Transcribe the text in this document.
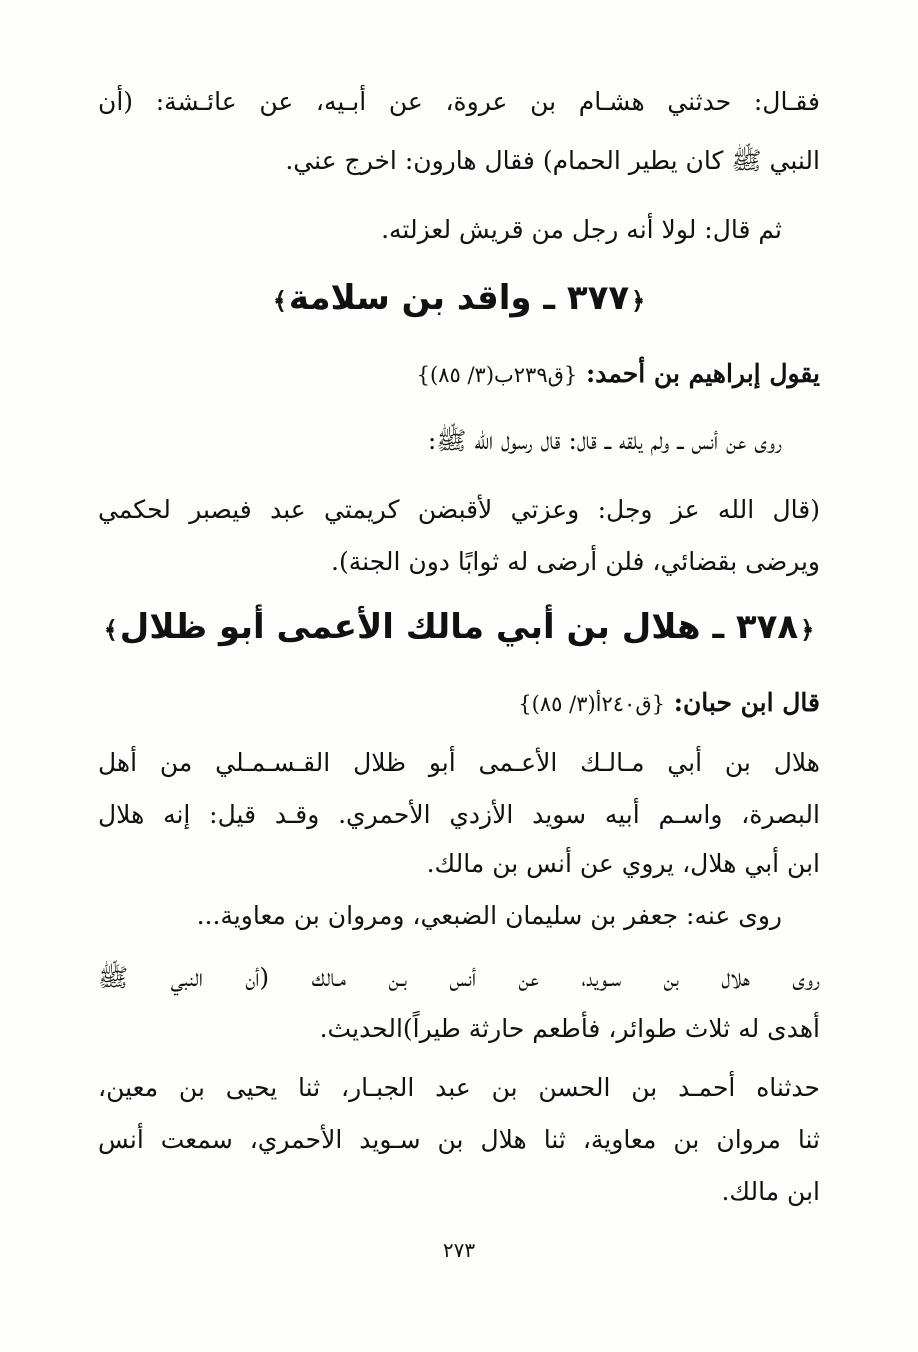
فقـال: حدثني هشـام بن عروة، عن أبـيه، عن عائـشة: (أن
النبي ﷺ كان يطير الحمام) فقال هارون: اخرج عني.
ثم قال: لولا أنه رجل من قريش لعزلته.
﴿٣٧٧ ـ واقد بن سلامة﴾
يقول إبراهيم بن أحمد: {ق٢٣٩ب(٣/ ٨٥)}
روى عن أنس ــ ولم يلقه ــ قال: قال رسول الله ﷺ:
(قال الله عز وجل: وعزتي لأقبضن كريمتي عبد فيصبر لحكمي
ويرضى بقضائي، فلن أرضى له ثوابًا دون الجنة).
﴿٣٧٨ ـ هلال بن أبي مالك الأعمى أبو ظلال﴾
قال ابن حبان: {ق٢٤٠أ(٣/ ٨٥)}
هلال بن أبي مـالـك الأعـمى أبو ظلال القـسـمـلي من أهل
البصرة، واسـم أبيه سويد الأزدي الأحمري. وقـد قيل: إنه هلال
ابن أبي هلال، يروي عن أنس بن مالك.
روى عنه: جعفر بن سليمان الضبعي، ومروان بن معاوية...
روى هلال بن سـويد، عن أنس بـن مـالك (أن النبي ﷺ
أهدى له ثلاث طوائر، فأطعم حارثة طيراً)الحديث.
حدثناه أحمـد بن الحسن بن عبد الجبـار، ثنا يحيى بن معين،
ثنا مروان بن معاوية، ثنا هلال بن سـويد الأحمري، سمعت أنس
ابن مالك.
٢٧٣
